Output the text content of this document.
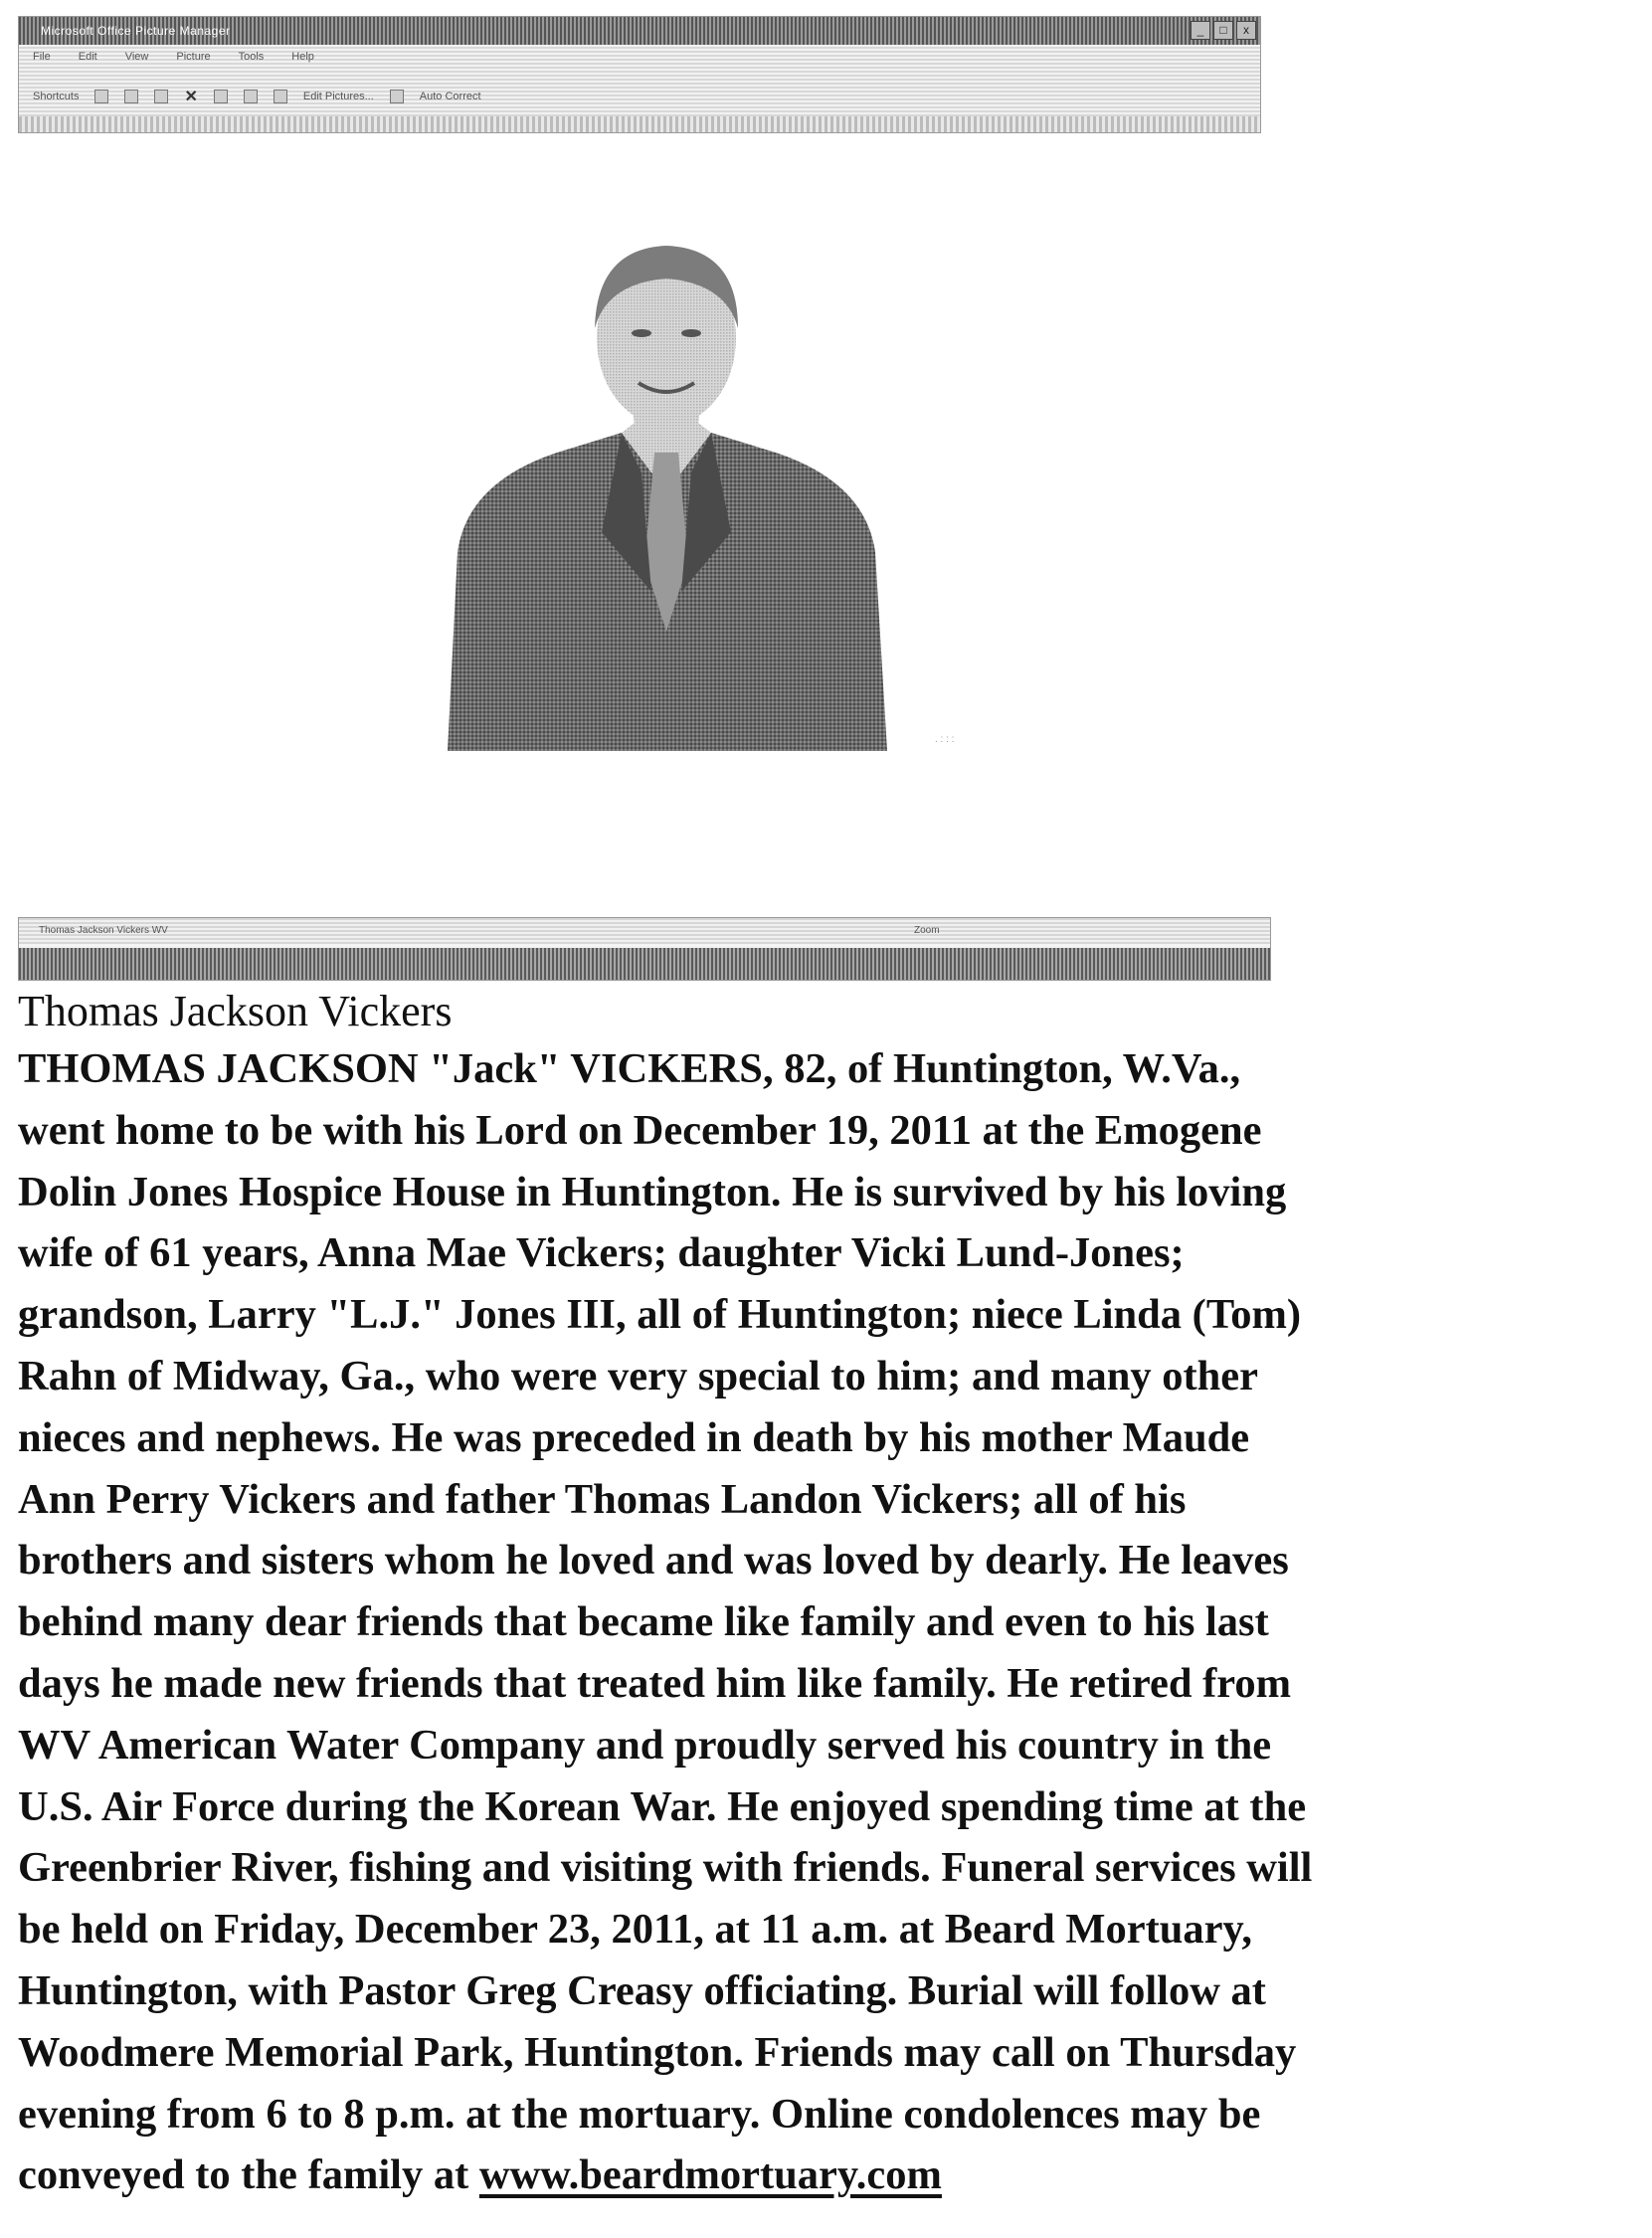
Microsoft Office Picture Manager	_	□	x
File	Edit	View	Picture	Tools	Help
Shortcuts	✕	Edit Pictures...	Auto Correct
. : : :
Thomas Jackson Vickers WV	Zoom
Thomas Jackson Vickers

THOMAS JACKSON "Jack" VICKERS, 82, of Huntington, W.Va.,
went home to be with his Lord on December 19, 2011 at the Emogene
Dolin Jones Hospice House in Huntington. He is survived by his loving
wife of 61 years, Anna Mae Vickers; daughter Vicki Lund-Jones;
grandson, Larry "L.J." Jones III, all of Huntington; niece Linda (Tom)
Rahn of Midway, Ga., who were very special to him; and many other
nieces and nephews. He was preceded in death by his mother Maude
Ann Perry Vickers and father Thomas Landon Vickers; all of his
brothers and sisters whom he loved and was loved by dearly. He leaves
behind many dear friends that became like family and even to his last
days he made new friends that treated him like family. He retired from
WV American Water Company and proudly served his country in the
U.S. Air Force during the Korean War. He enjoyed spending time at the
Greenbrier River, fishing and visiting with friends. Funeral services will
be held on Friday, December 23, 2011, at 11 a.m. at Beard Mortuary,
Huntington, with Pastor Greg Creasy officiating. Burial will follow at
Woodmere Memorial Park, Huntington. Friends may call on Thursday
evening from 6 to 8 p.m. at the mortuary. Online condolences may be
conveyed to the family at www.beardmortuary.com
